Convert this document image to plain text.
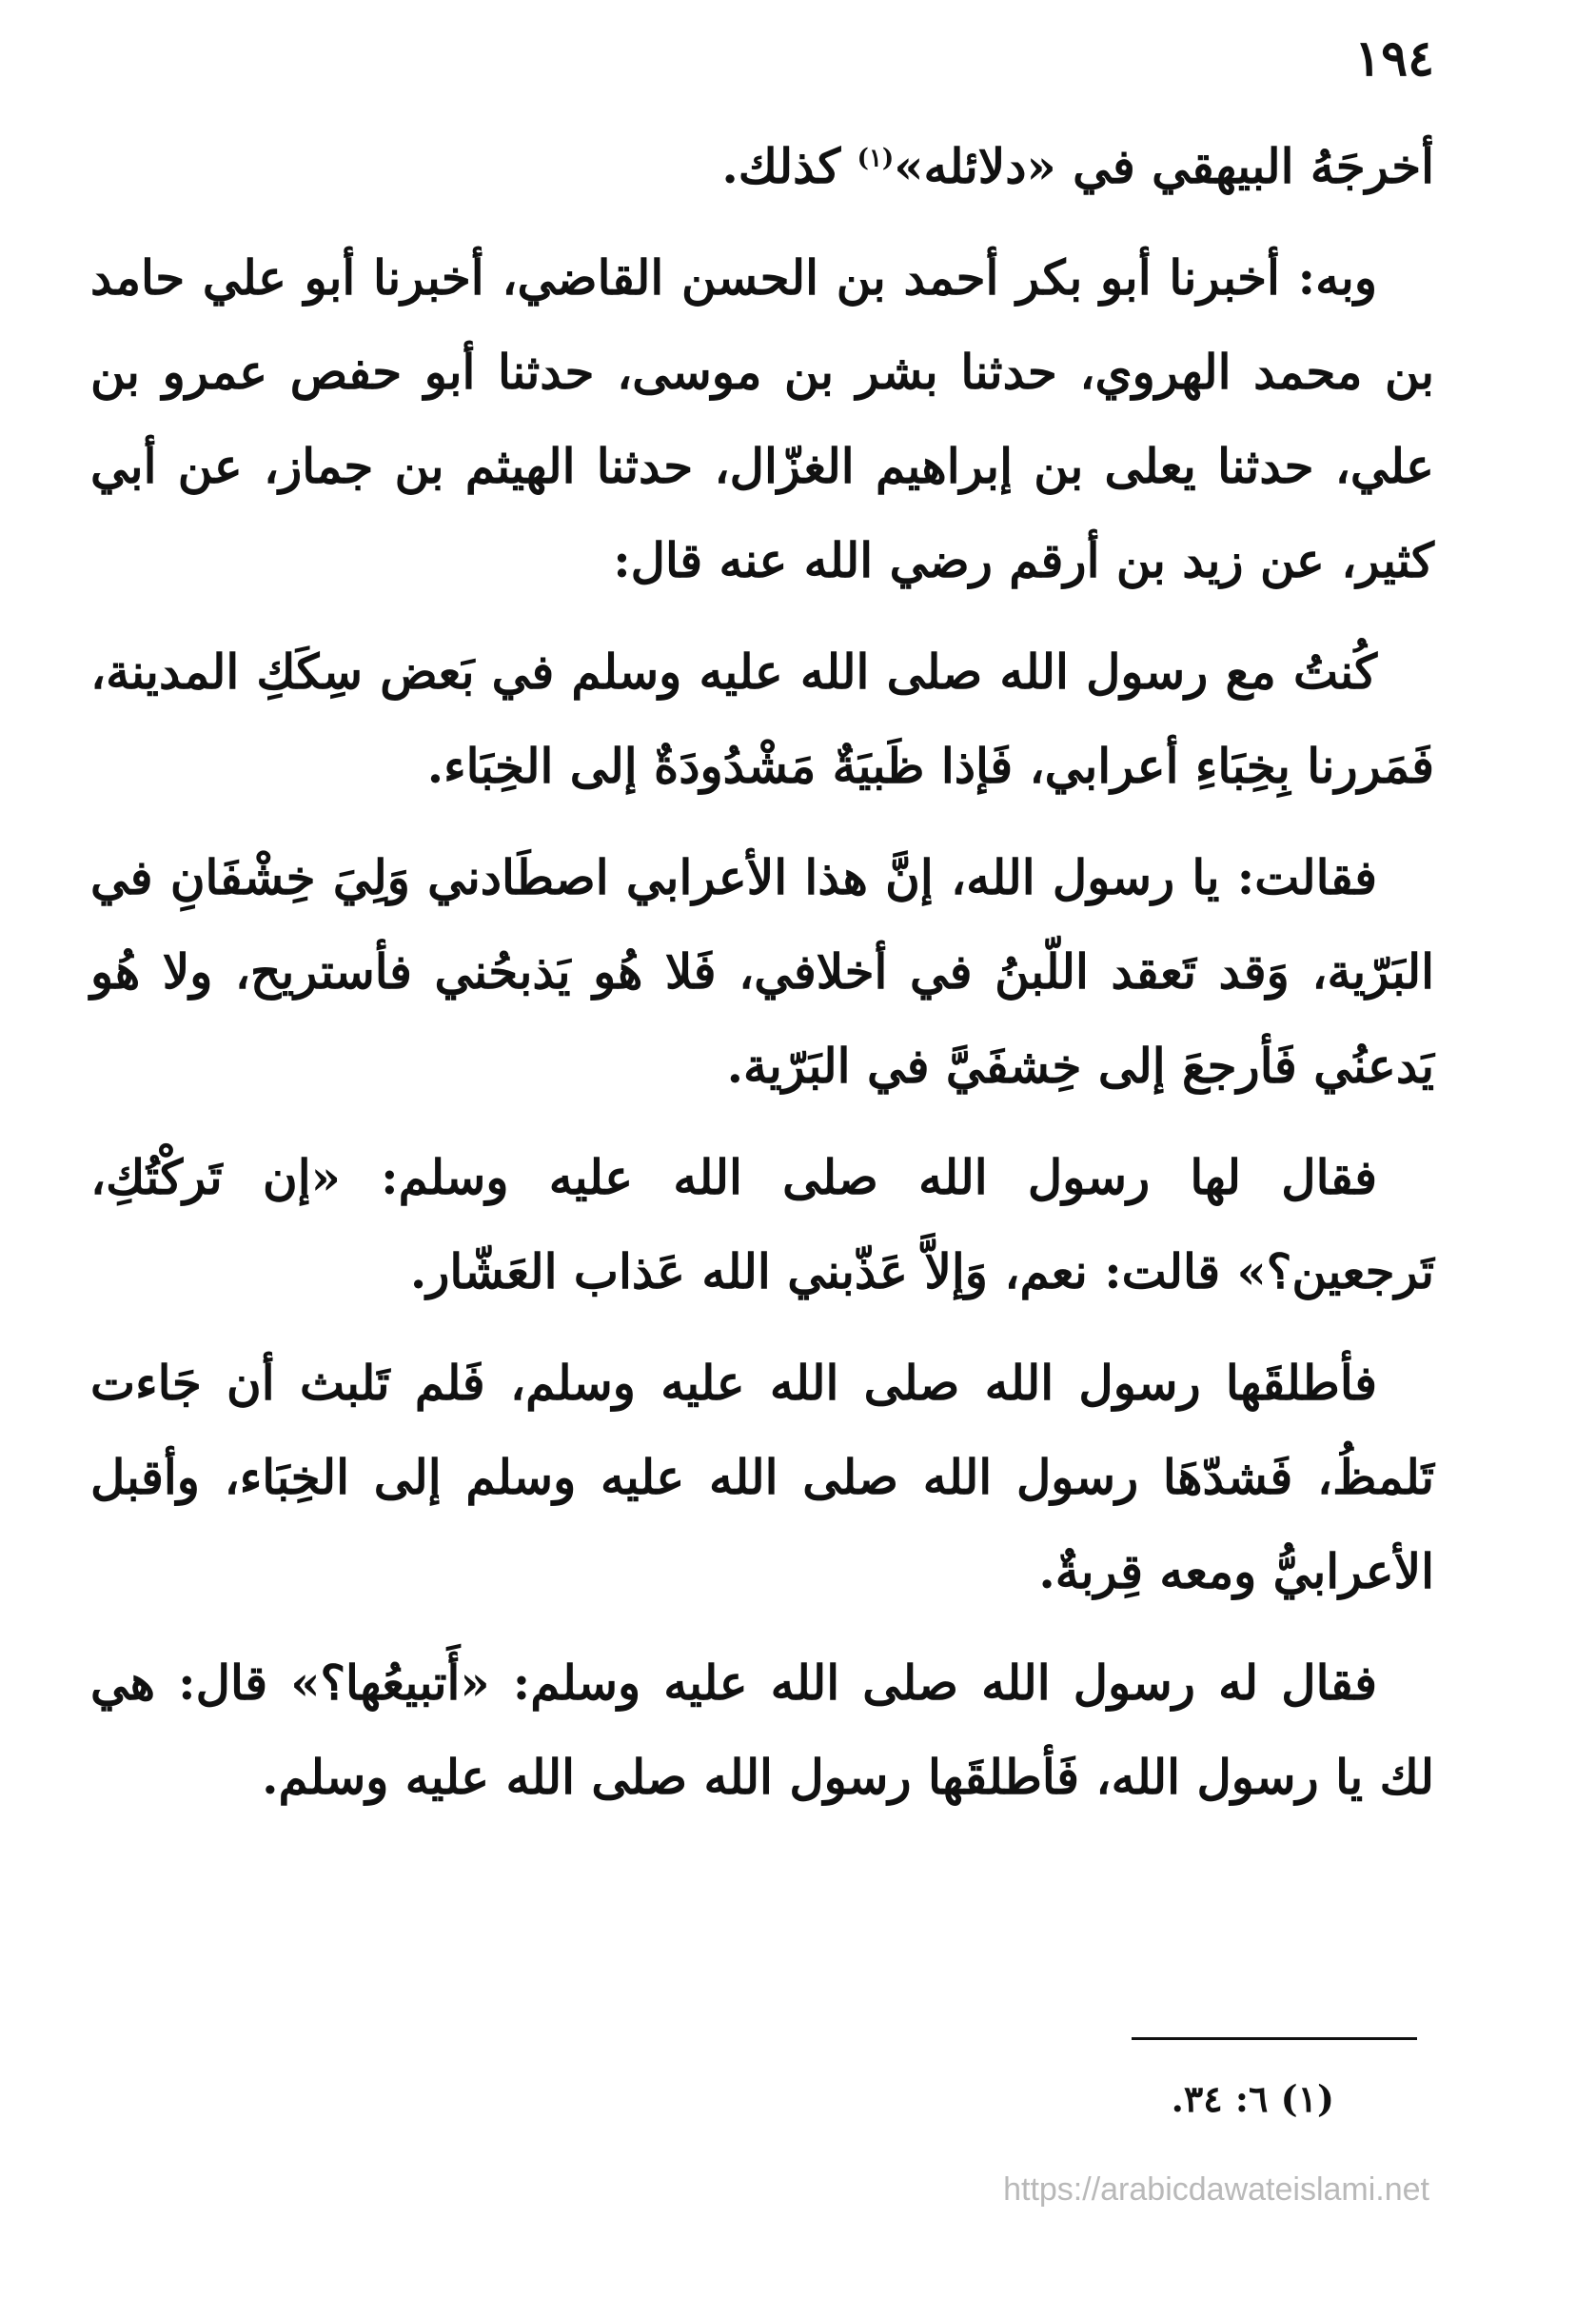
١٩٤

أخرجَهُ البيهقي في «دلائله»$^{(١)}$ كذلك.

وبه: أخبرنا أبو بكر أحمد بن الحسن القاضي، أخبرنا أبو علي حامد بن محمد الهروي، حدثنا بشر بن موسى، حدثنا أبو حفص عمرو بن علي، حدثنا يعلى بن إبراهيم الغزّال، حدثنا الهيثم بن جماز، عن أبي كثير، عن زيد بن أرقم رضي الله عنه قال:

كُنتُ مع رسول الله صلى الله عليه وسلم في بَعض سِكَكِ المدينة، فَمَررنا بِخِبَاءِ أعرابي، فَإذا ظَبيَةٌ مَشْدُودَةٌ إلى الخِبَاء.

فقالت: يا رسول الله، إنَّ هذا الأعرابي اصطَادني وَلِيَ خِشْفَانِ في البَرّية، وَقد تَعقد اللّبنُ في أخلافي، فَلا هُو يَذبحُني فأستريح، ولا هُو يَدعنُي فَأرجعَ إلى خِشفَيَّ في البَرّية.

فقال لها رسول الله صلى الله عليه وسلم: «إن تَركْتُكِ، تَرجعين؟» قالت: نعم، وَإلاَّ عَذّبني الله عَذاب العَشّار.

فأطلقَها رسول الله صلى الله عليه وسلم، فَلم تَلبث أن جَاءت تَلمظُ، فَشدّهَا رسول الله صلى الله عليه وسلم إلى الخِبَاء، وأقبل الأعرابيُّ ومعه قِربةٌ.

فقال له رسول الله صلى الله عليه وسلم: «أَتبيعُها؟» قال: هي لك يا رسول الله، فَأطلقَها رسول الله صلى الله عليه وسلم.

(١) ٦: ٣٤.
https://arabicdawateislami.net
